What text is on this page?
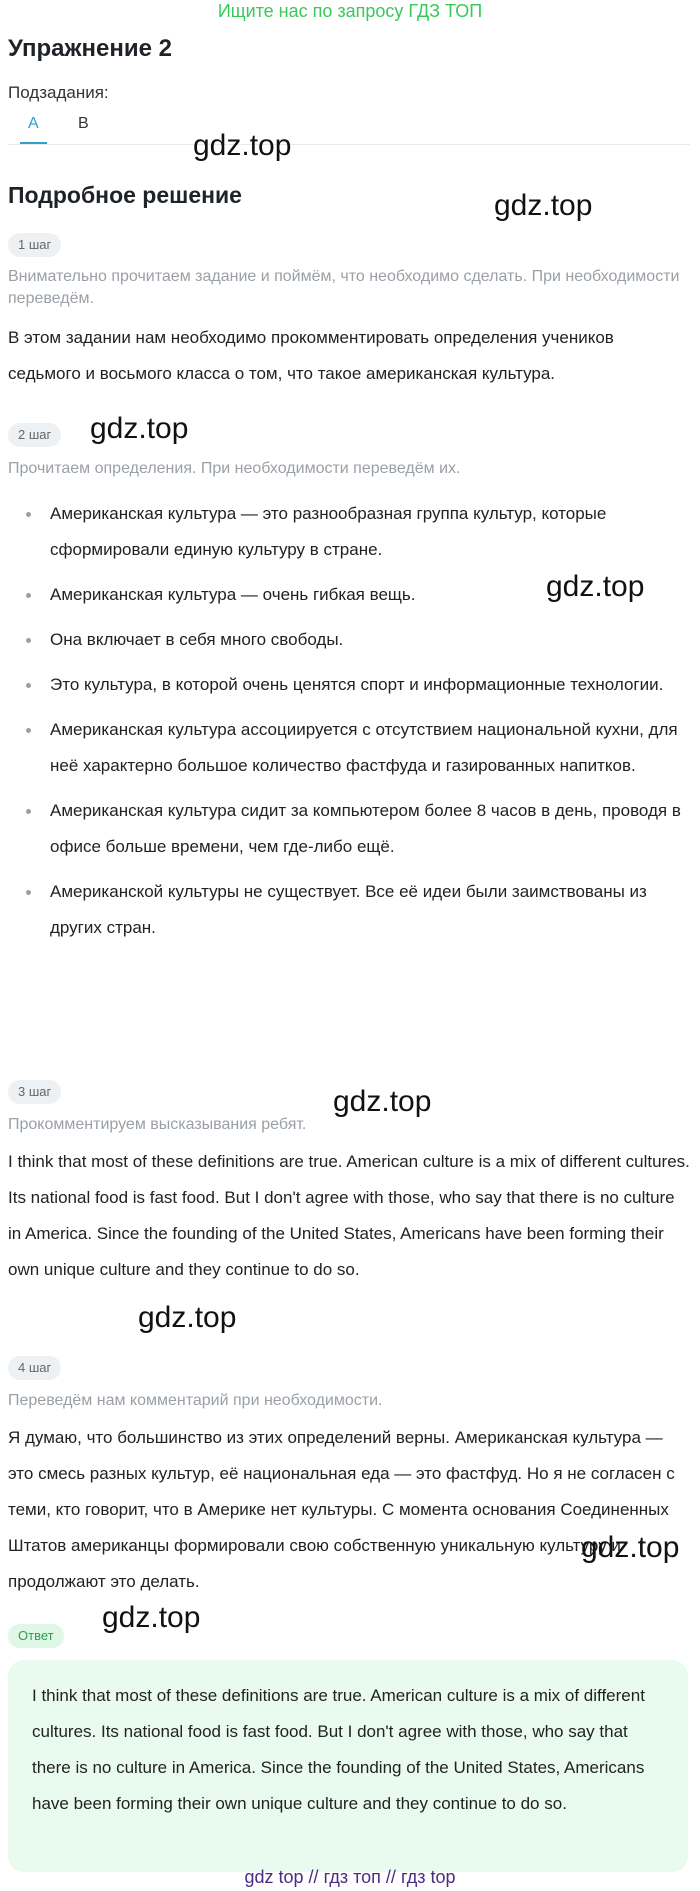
Ищите нас по запросу ГДЗ ТОП
Упражнение 2
Подзадания:
A	B
Подробное решение
1 шаг
Внимательно прочитаем задание и поймём, что необходимо сделать. При необходимости переведём.
В этом задании нам необходимо прокомментировать определения учеников седьмого и восьмого класса о том, что такое американская культура.
2 шаг
Прочитаем определения. При необходимости переведём их.
Американская культура — это разнообразная группа культур, которые сформировали единую культуру в стране.
Американская культура — очень гибкая вещь.
Она включает в себя много свободы.
Это культура, в которой очень ценятся спорт и информационные технологии.
Американская культура ассоциируется с отсутствием национальной кухни, для неё характерно большое количество фастфуда и газированных напитков.
Американская культура сидит за компьютером более 8 часов в день, проводя в офисе больше времени, чем где-либо ещё.
Американской культуры не существует. Все её идеи были заимствованы из других стран.
3 шаг
Прокомментируем высказывания ребят.
I think that most of these definitions are true. American culture is a mix of different cultures. Its national food is fast food. But I don't agree with those, who say that there is no culture in America. Since the founding of the United States, Americans have been forming their own unique culture and they continue to do so.
4 шаг
Переведём нам комментарий при необходимости.
Я думаю, что большинство из этих определений верны. Американская культура — это смесь разных культур, её национальная еда — это фастфуд. Но я не согласен с теми, кто говорит, что в Америке нет культуры. С момента основания Соединенных Штатов американцы формировали свою собственную уникальную культуру и продолжают это делать.
Ответ
I think that most of these definitions are true. American culture is a mix of different cultures. Its national food is fast food. But I don't agree with those, who say that there is no culture in America. Since the founding of the United States, Americans have been forming their own unique culture and they continue to do so.
gdz.top
gdz.top
gdz.top
gdz.top
gdz.top
gdz.top
gdz.top
gdz.top
gdz top // гдз топ // гдз top
